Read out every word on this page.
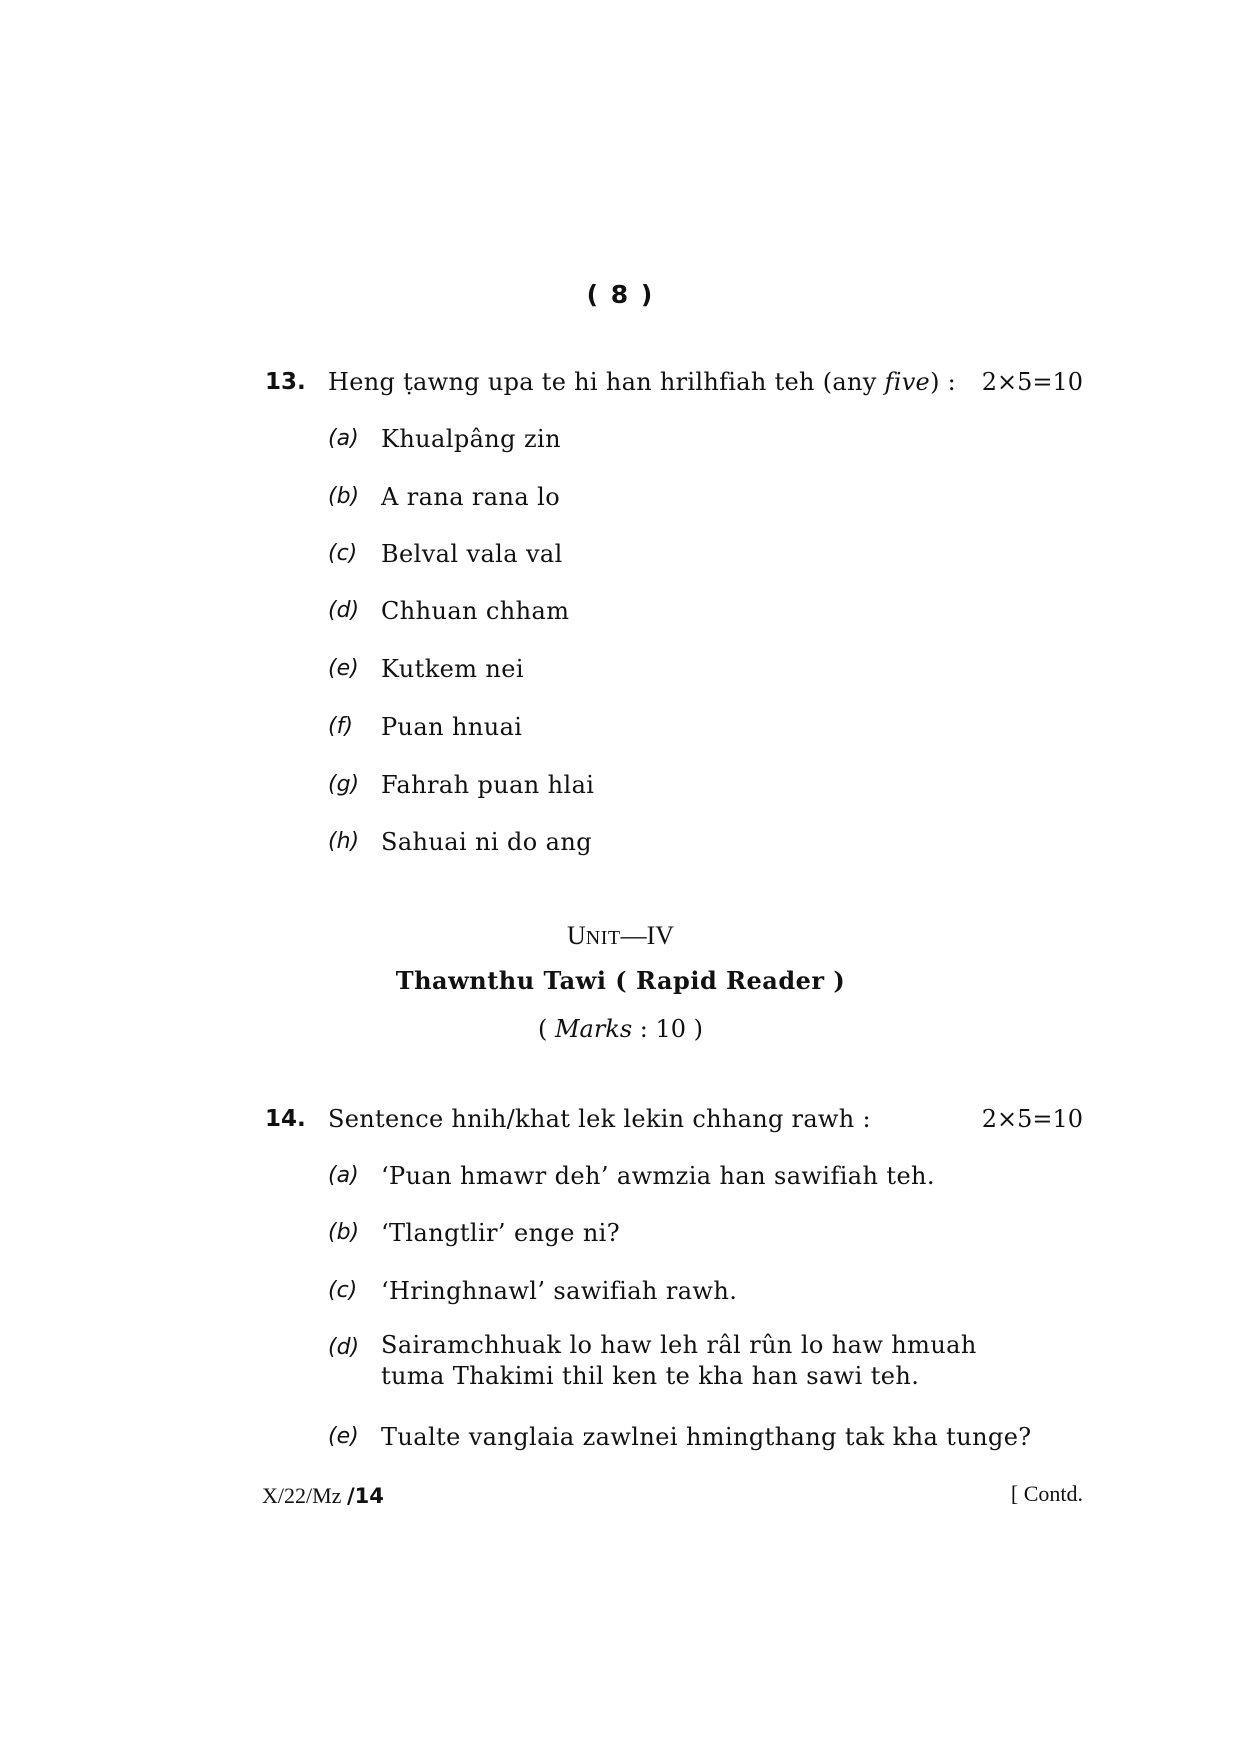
( 8 )
13. Heng ṭawng upa te hi han hrilhfiah teh (any five) : 2×5=10
(a) Khualpâng zin
(b) A rana rana lo
(c) Belval vala val
(d) Chhuan chham
(e) Kutkem nei
(f) Puan hnuai
(g) Fahrah puan hlai
(h) Sahuai ni do ang
UNIT—IV
Thawnthu Tawi ( Rapid Reader )
( Marks : 10 )
14. Sentence hnih/khat lek lekin chhang rawh :	2×5=10
(a) ‘Puan hmawr deh’ awmzia han sawifiah teh.
(b) ‘Tlangtlir’ enge ni?
(c) ‘Hringhnawl’ sawifiah rawh.
(d) Sairamchhuak lo haw leh râl rûn lo haw hmuah
tuma Thakimi thil ken te kha han sawi teh.
(e) Tualte vanglaia zawlnei hmingthang tak kha tunge?
X/22/Mz /14	[ Contd.
